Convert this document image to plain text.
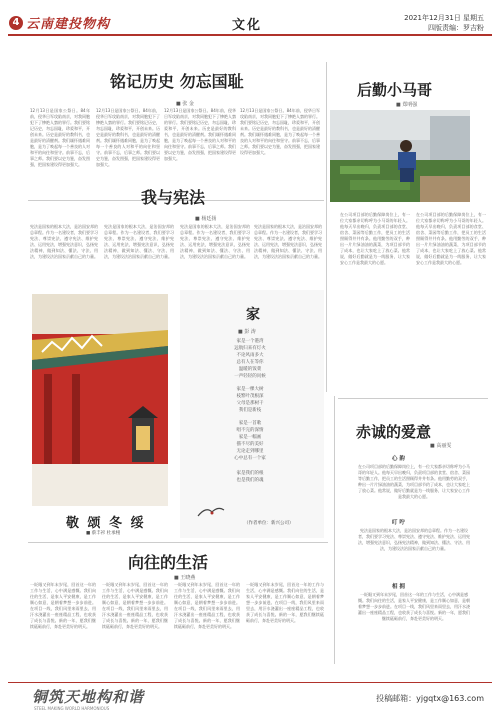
4 云南建投物构	文化	2021年12月31日 星期五
四版责编：罗吉粉
铭记历史 勿忘国耻
■ 张 金
12月13日是国家公祭日。84年前，侵华日军攻陷南京，对我同胞犯下了惨绝人寰的罪行。我们要铭记历史，勿忘国耻，珍爱和平，开创未来。历史是最好的教科书，也是最好的清醒剂。我们缅怀遇难同胞，是为了唤起每一个善良的人对和平的向往和坚守。前事不忘，后事之师。我们要以史为鉴，奋发图强，把国家建设得更加强大。
12月13日是国家公祭日。84年前，侵华日军攻陷南京，对我同胞犯下了惨绝人寰的罪行。我们要铭记历史，勿忘国耻，珍爱和平，开创未来。历史是最好的教科书，也是最好的清醒剂。我们缅怀遇难同胞，是为了唤起每一个善良的人对和平的向往和坚守。前事不忘，后事之师。我们要以史为鉴，奋发图强，把国家建设得更加强大。
12月13日是国家公祭日。84年前，侵华日军攻陷南京，对我同胞犯下了惨绝人寰的罪行。我们要铭记历史，勿忘国耻，珍爱和平，开创未来。历史是最好的教科书，也是最好的清醒剂。我们缅怀遇难同胞，是为了唤起每一个善良的人对和平的向往和坚守。前事不忘，后事之师。我们要以史为鉴，奋发图强，把国家建设得更加强大。
12月13日是国家公祭日。84年前，侵华日军攻陷南京，对我同胞犯下了惨绝人寰的罪行。我们要铭记历史，勿忘国耻，珍爱和平，开创未来。历史是最好的教科书，也是最好的清醒剂。我们缅怀遇难同胞，是为了唤起每一个善良的人对和平的向往和坚守。前事不忘，后事之师。我们要以史为鉴，奋发图强，把国家建设得更加强大。
后勤小马哥
■ 郑明强
在公司项目部的后勤保障岗位上，有一位大家都亲切称呼为小马哥的年轻人。他每天早出晚归，负责项目部的食堂、宿舍、菜园等后勤工作，把员工的生活照顾得井井有条。他用勤劳的双手，种出一片片绿油油的蔬菜，为项目部节约了成本，也让大家吃上了放心菜。他常说，做好后勤就是为一线服务，让大家安心工作是我最大的心愿。
在公司项目部的后勤保障岗位上，有一位大家都亲切称呼为小马哥的年轻人。他每天早出晚归，负责项目部的食堂、宿舍、菜园等后勤工作，把员工的生活照顾得井井有条。他用勤劳的双手，种出一片片绿油油的蔬菜，为项目部节约了成本，也让大家吃上了放心菜。他常说，做好后勤就是为一线服务，让大家安心工作是我最大的心愿。
我与宪法
■ 杨廷扬
宪法是国家的根本大法，是治国安邦的总章程。作为一名建设者，我们要学习宪法、尊崇宪法、遵守宪法、维护宪法、运用宪法，增强宪法意识，弘扬宪法精神，做到知法、懂法、守法、用法，为建设法治国家贡献自己的力量。
宪法是国家的根本大法，是治国安邦的总章程。作为一名建设者，我们要学习宪法、尊崇宪法、遵守宪法、维护宪法、运用宪法，增强宪法意识，弘扬宪法精神，做到知法、懂法、守法、用法，为建设法治国家贡献自己的力量。
宪法是国家的根本大法，是治国安邦的总章程。作为一名建设者，我们要学习宪法、尊崇宪法、遵守宪法、维护宪法、运用宪法，增强宪法意识，弘扬宪法精神，做到知法、懂法、守法、用法，为建设法治国家贡献自己的力量。
宪法是国家的根本大法，是治国安邦的总章程。作为一名建设者，我们要学习宪法、尊崇宪法、遵守宪法、维护宪法、运用宪法，增强宪法意识，弘扬宪法精神，做到知法、懂法、守法、用法，为建设法治国家贡献自己的力量。
敬 颂 冬 绥
■ 蔡丰衫 杜承栩
家
■ 彭 涛
家是一个港湾
远航归来有灯火
不论风雨多大
总有人在等你
温暖的饭菜
一声轻轻的问候
家是一棵大树
枝繁叶茂根深
父母是那树干
我们是新枝
家是一首歌
唱不完的深情
家是一幅画
描不尽的美好
无论走到哪里
心中总有一个家
家是我们的根
也是我们的魂
（作者单位：新兴公司）
赤诚的爱意
■ 高丽雯
心 韵
在公司项目部的后勤保障岗位上，有一位大家都亲切称呼为小马哥的年轻人。他每天早出晚归，负责项目部的食堂、宿舍、菜园等后勤工作，把员工的生活照顾得井井有条。他用勤劳的双手，种出一片片绿油油的蔬菜，为项目部节约了成本，也让大家吃上了放心菜。他常说，做好后勤就是为一线服务，让大家安心工作是我最大的心愿。
叮 咛
宪法是国家的根本大法，是治国安邦的总章程。作为一名建设者，我们要学习宪法、尊崇宪法、遵守宪法、维护宪法、运用宪法，增强宪法意识，弘扬宪法精神，做到知法、懂法、守法、用法，为建设法治国家贡献自己的力量。
相 拥
一眨眼又到年末岁尾，回首这一年的工作与生活，心中满是感慨。我们向往的生活，是家人平安健康，是工作顺心如意，是朝着梦想一步步前进。在项目一线，我们风里来雨里去，用汗水浇灌出一座座精品工程，也收获了成长与喜悦。新的一年，愿我们继续砥砺前行，奔赴更美好的明天。
向往的生活
■ 王晓燕
一眨眼又到年末岁尾，回首这一年的工作与生活，心中满是感慨。我们向往的生活，是家人平安健康，是工作顺心如意，是朝着梦想一步步前进。在项目一线，我们风里来雨里去，用汗水浇灌出一座座精品工程，也收获了成长与喜悦。新的一年，愿我们继续砥砺前行，奔赴更美好的明天。
一眨眼又到年末岁尾，回首这一年的工作与生活，心中满是感慨。我们向往的生活，是家人平安健康，是工作顺心如意，是朝着梦想一步步前进。在项目一线，我们风里来雨里去，用汗水浇灌出一座座精品工程，也收获了成长与喜悦。新的一年，愿我们继续砥砺前行，奔赴更美好的明天。
一眨眼又到年末岁尾，回首这一年的工作与生活，心中满是感慨。我们向往的生活，是家人平安健康，是工作顺心如意，是朝着梦想一步步前进。在项目一线，我们风里来雨里去，用汗水浇灌出一座座精品工程，也收获了成长与喜悦。新的一年，愿我们继续砥砺前行，奔赴更美好的明天。
一眨眼又到年末岁尾，回首这一年的工作与生活，心中满是感慨。我们向往的生活，是家人平安健康，是工作顺心如意，是朝着梦想一步步前进。在项目一线，我们风里来雨里去，用汗水浇灌出一座座精品工程，也收获了成长与喜悦。新的一年，愿我们继续砥砺前行，奔赴更美好的明天。
铜筑天地构和谐
STEEL MAKING WORLD HARMONIOUS
投稿邮箱：yjgqtx@163.com
